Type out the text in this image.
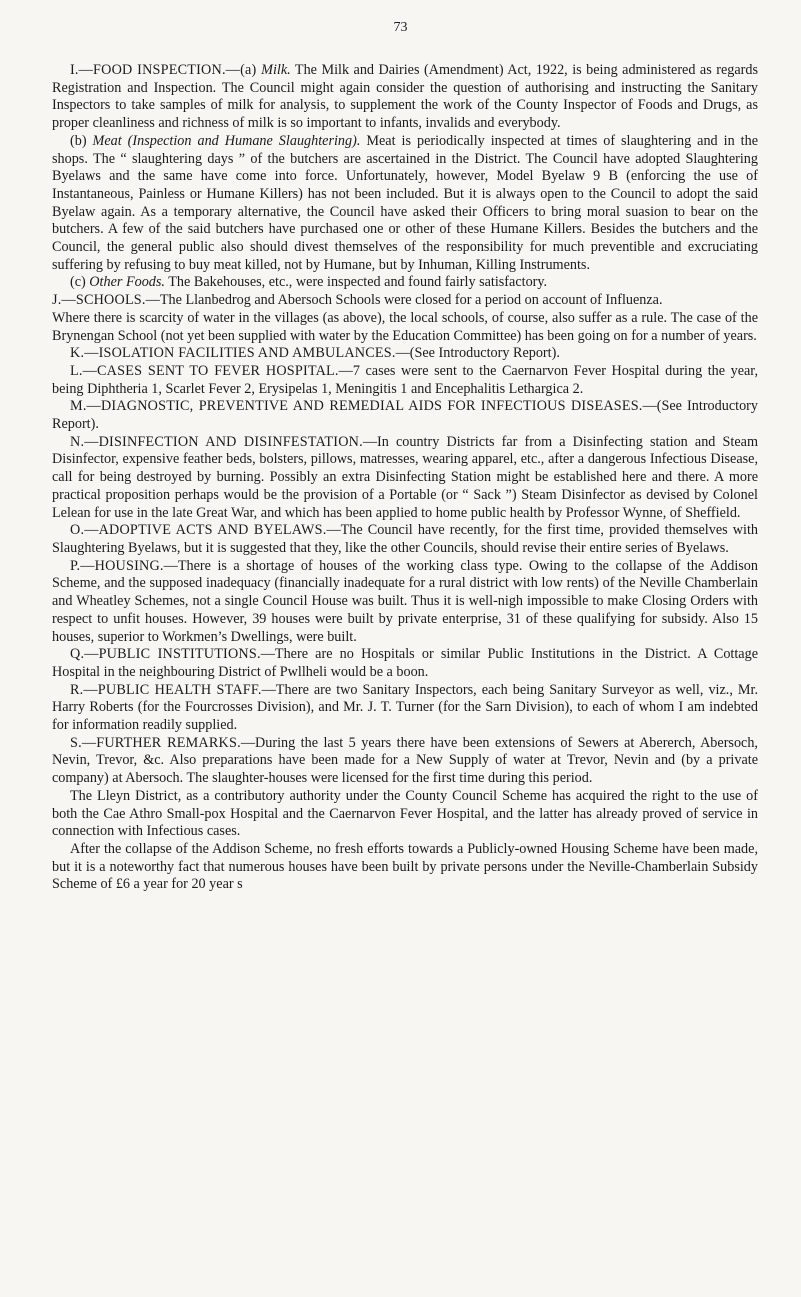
73

I.—FOOD INSPECTION.—(a) Milk. The Milk and Dairies (Amendment) Act, 1922, is being administered as regards Registration and Inspection. The Council might again consider the question of authorising and instructing the Sanitary Inspectors to take samples of milk for analysis, to supplement the work of the County Inspector of Foods and Drugs, as proper cleanliness and richness of milk is so important to infants, invalids and everybody.

(b) Meat (Inspection and Humane Slaughtering). Meat is periodically inspected at times of slaughtering and in the shops. The “ slaughtering days ” of the butchers are ascertained in the District. The Council have adopted Slaughtering Byelaws and the same have come into force. Unfortunately, however, Model Byelaw 9 B (enforcing the use of Instantaneous, Painless or Humane Killers) has not been included. But it is always open to the Council to adopt the said Byelaw again. As a temporary alternative, the Council have asked their Officers to bring moral suasion to bear on the butchers. A few of the said butchers have purchased one or other of these Humane Killers. Besides the butchers and the Council, the general public also should divest themselves of the responsibility for much preventible and excruciating suffering by refusing to buy meat killed, not by Humane, but by Inhuman, Killing Instruments.

(c) Other Foods. The Bakehouses, etc., were inspected and found fairly satisfactory.

J.—SCHOOLS.—The Llanbedrog and Abersoch Schools were closed for a period on account of Influenza.

Where there is scarcity of water in the villages (as above), the local schools, of course, also suffer as a rule. The case of the Brynengan School (not yet been supplied with water by the Education Committee) has been going on for a number of years.

K.—ISOLATION FACILITIES AND AMBULANCES.—(See Introductory Report).

L.—CASES SENT TO FEVER HOSPITAL.—7 cases were sent to the Caernarvon Fever Hospital during the year, being Diphtheria 1, Scarlet Fever 2, Erysipelas 1, Meningitis 1 and Encephalitis Lethargica 2.

M.—DIAGNOSTIC, PREVENTIVE AND REMEDIAL AIDS FOR INFECTIOUS DISEASES.—(See Introductory Report).

N.—DISINFECTION AND DISINFESTATION.—In country Districts far from a Disinfecting station and Steam Disinfector, expensive feather beds, bolsters, pillows, matresses, wearing apparel, etc., after a dangerous Infectious Disease, call for being destroyed by burning. Possibly an extra Disinfecting Station might be established here and there. A more practical proposition perhaps would be the provision of a Portable (or “ Sack ”) Steam Disinfector as devised by Colonel Lelean for use in the late Great War, and which has been applied to home public health by Professor Wynne, of Sheffield.

O.—ADOPTIVE ACTS AND BYELAWS.—The Council have recently, for the first time, provided themselves with Slaughtering Byelaws, but it is suggested that they, like the other Councils, should revise their entire series of Byelaws.

P.—HOUSING.—There is a shortage of houses of the working class type. Owing to the collapse of the Addison Scheme, and the supposed inadequacy (financially inadequate for a rural district with low rents) of the Neville Chamberlain and Wheatley Schemes, not a single Council House was built. Thus it is well-nigh impossible to make Closing Orders with respect to unfit houses. However, 39 houses were built by private enterprise, 31 of these qualifying for subsidy. Also 15 houses, superior to Workmen’s Dwellings, were built.

Q.—PUBLIC INSTITUTIONS.—There are no Hospitals or similar Public Institutions in the District. A Cottage Hospital in the neighbouring District of Pwllheli would be a boon.

R.—PUBLIC HEALTH STAFF.—There are two Sanitary Inspectors, each being Sanitary Surveyor as well, viz., Mr. Harry Roberts (for the Fourcrosses Division), and Mr. J. T. Turner (for the Sarn Division), to each of whom I am indebted for information readily supplied.

S.—FURTHER REMARKS.—During the last 5 years there have been extensions of Sewers at Abererch, Abersoch, Nevin, Trevor, &c. Also preparations have been made for a New Supply of water at Trevor, Nevin and (by a private company) at Abersoch. The slaughter-houses were licensed for the first time during this period.

The Lleyn District, as a contributory authority under the County Council Scheme has acquired the right to the use of both the Cae Athro Small-pox Hospital and the Caernarvon Fever Hospital, and the latter has already proved of service in connection with Infectious cases.

After the collapse of the Addison Scheme, no fresh efforts towards a Publicly-owned Housing Scheme have been made, but it is a noteworthy fact that numerous houses have been built by private persons under the Neville-Chamberlain Subsidy Scheme of £6 a year for 20 year s
